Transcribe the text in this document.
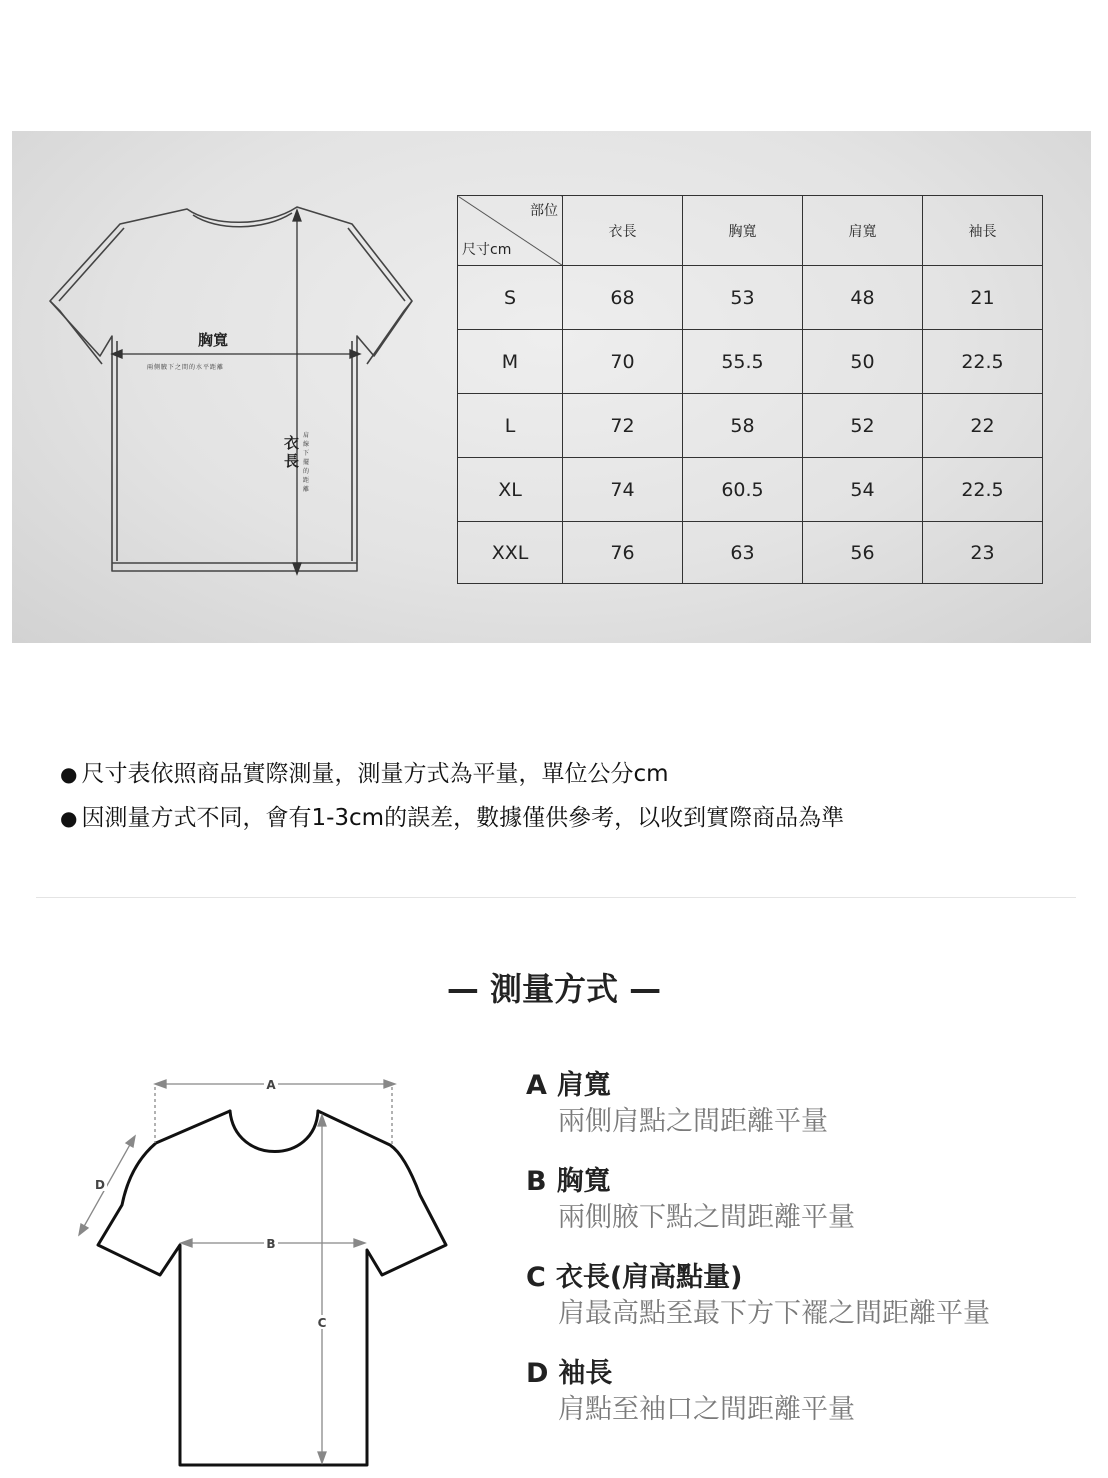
胸寬
兩側腋下之間的水平距離
衣長
肩線下擺的距離
部位
尺寸cm	衣長	胸寬	肩寬	袖長
S	68	53	48	21
M	70	55.5	50	22.5
L	72	58	52	22
XL	74	60.5	54	22.5
XXL	76	63	56	23
● 尺寸表依照商品實際測量，測量方式為平量，單位公分cm
● 因測量方式不同，會有1-3cm的誤差，數據僅供參考，以收到實際商品為準
— 測量方式 —
A
B
C
D
A 肩寬
兩側肩點之間距離平量
B 胸寬
兩側腋下點之間距離平量
C 衣長(肩高點量)
肩最高點至最下方下襬之間距離平量
D 袖長
肩點至袖口之間距離平量
